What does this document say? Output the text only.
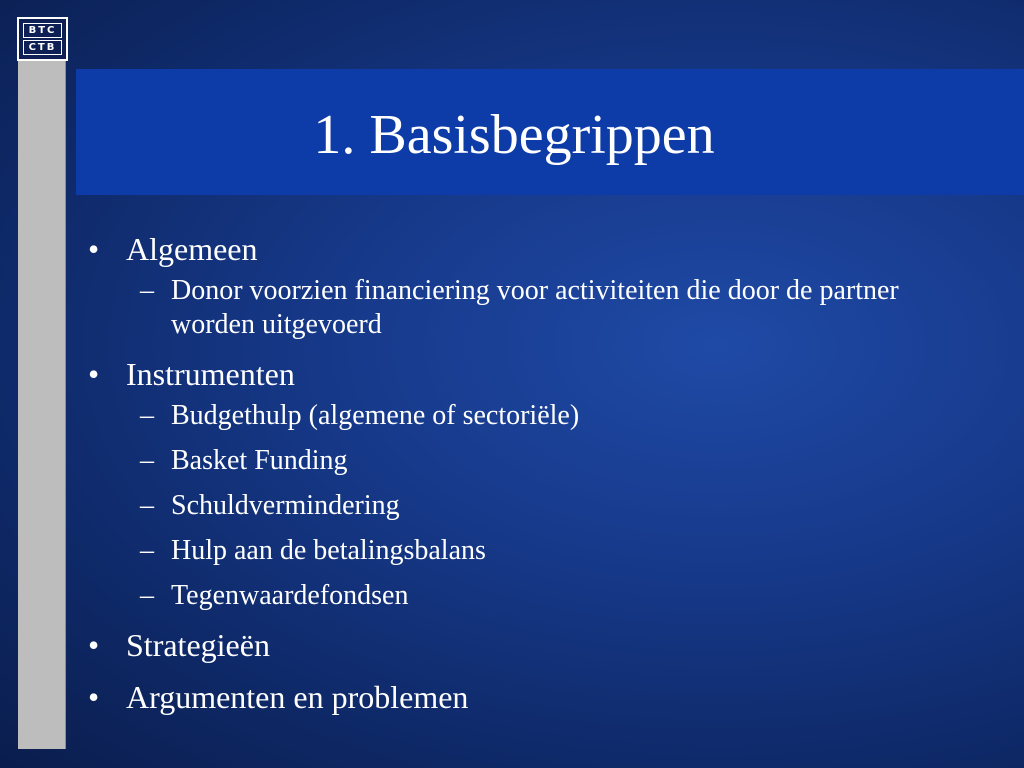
BTC
CTB
1. Basisbegrippen
• Algemeen
– Donor voorzien financiering voor activiteiten die door de partner worden uitgevoerd
• Instrumenten
– Budgethulp (algemene of sectoriële)
– Basket Funding
– Schuldvermindering
– Hulp aan de betalingsbalans
– Tegenwaardefondsen
• Strategieën
• Argumenten en problemen
